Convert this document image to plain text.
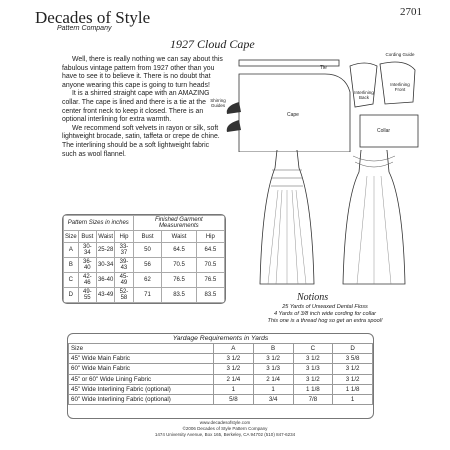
Decades of Style
Pattern Company
2701
1927 Cloud Cape

Well, there is really nothing we can say about this fabulous vintage pattern from 1927 other than you have to see it to believe it. There is no doubt that anyone wearing this cape is going to turn heads!

It is a shirred straight cape with an AMAZING collar. The cape is lined and there is a tie at the center front neck to keep it closed. There is an optional interlining for extra warmth.

We recommend soft velvets in rayon or silk, soft lightweight brocade, satin, taffeta or crepe de chine. The interlining should be a soft lightweight fabric such as wool flannel.

Pattern Sizes in inches				Finished Garment Measurements		
Size	Bust	Waist	Hip	Bust	Waist	Hip
A	30-34	25-28	33-37	50	64.5	64.5
B	36-40	30-34	39-43	56	70.5	70.5
C	42-46	36-40	45-49	62	76.5	76.5
D	49-55	43-49	52-58	71	83.5	83.5
Tie
Cording Guide
Interlining Back
Interlining Front
Shirring Guides
Cape
Collar
Notions
25 Yards of Unwaxed Dental Floss
4 Yards of 3/8 inch wide cording for collar
This one is a thread hog so get an extra spool!
Yardage Requirements in Yards
Size	A	B	C	D
45" Wide Main Fabric	3 1/2	3 1/2	3 1/2	3 5/8
60" Wide Main Fabric	3 1/2	3 1/3	3 1/3	3 1/2
45" or 60" Wide Lining Fabric	2 1/4	2 1/4	3 1/2	3 1/2
45" Wide Interlining Fabric (optional)	1	1	1 1/8	1 1/8
60" Wide Interlining Fabric (optional)	5/8	3/4	7/8	1
www.decadesofstyle.com
©2006 Decades of Style Pattern Company
1474 University Avenue, Box 165, Berkeley, CA 94702 (510) 847-6234
